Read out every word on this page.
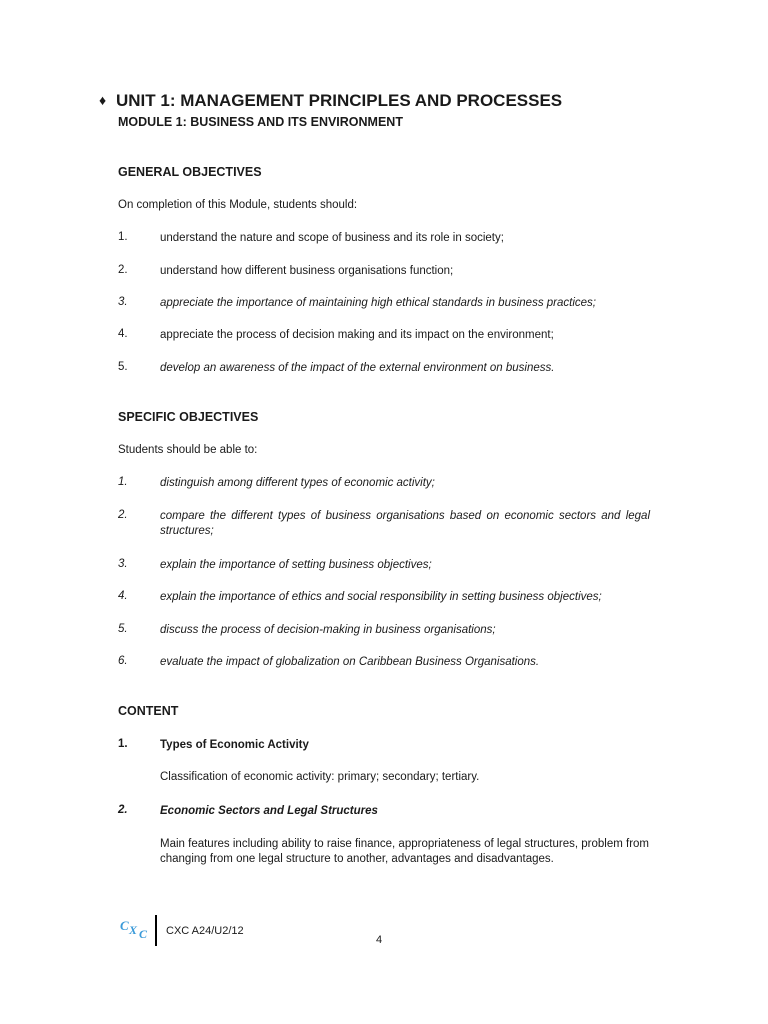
♦ UNIT 1: MANAGEMENT PRINCIPLES AND PROCESSES
MODULE 1: BUSINESS AND ITS ENVIRONMENT
GENERAL OBJECTIVES
On completion of this Module, students should:
1.	understand the nature and scope of business and its role in society;
2.	understand how different business organisations function;
3.	appreciate the importance of maintaining high ethical standards in business practices;
4.	appreciate the process of decision making and its impact on the environment;
5.	develop an awareness of the impact of the external environment on business.
SPECIFIC OBJECTIVES
Students should be able to:
1.	distinguish among different types of economic activity;
2.	compare the different types of business organisations based on economic sectors and legal structures;
3.	explain the importance of setting business objectives;
4.	explain the importance of ethics and social responsibility in setting business objectives;
5.	discuss the process of decision-making in business organisations;
6.	evaluate the impact of globalization on Caribbean Business Organisations.
CONTENT
1.	Types of Economic Activity
Classification of economic activity: primary; secondary; tertiary.
2.	Economic Sectors and Legal Structures
Main features including ability to raise finance, appropriateness of legal structures, problem from changing from one legal structure to another, advantages and disadvantages.
C X C CXC A24/U2/12
4
